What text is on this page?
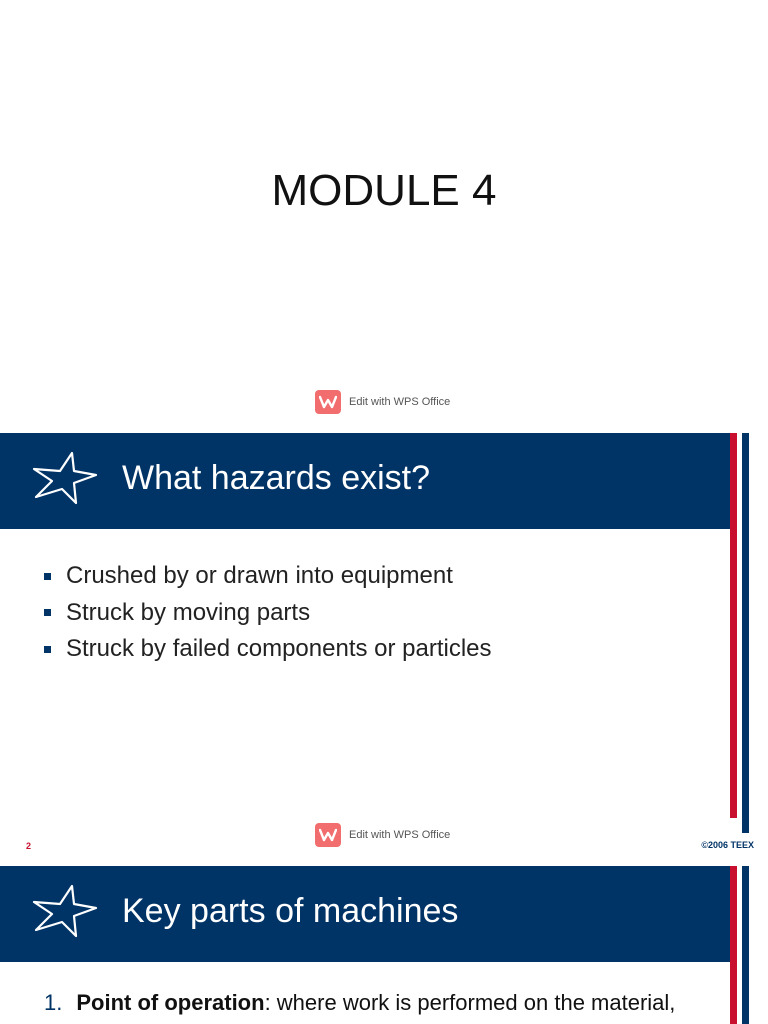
MODULE 4
Edit with WPS Office
What hazards exist?
Crushed by or drawn into equipment
Struck by moving parts
Struck by failed components or particles
Edit with WPS Office
2	©2006 TEEX
Key parts of machines
1. Point of operation: where work is performed on the material,
